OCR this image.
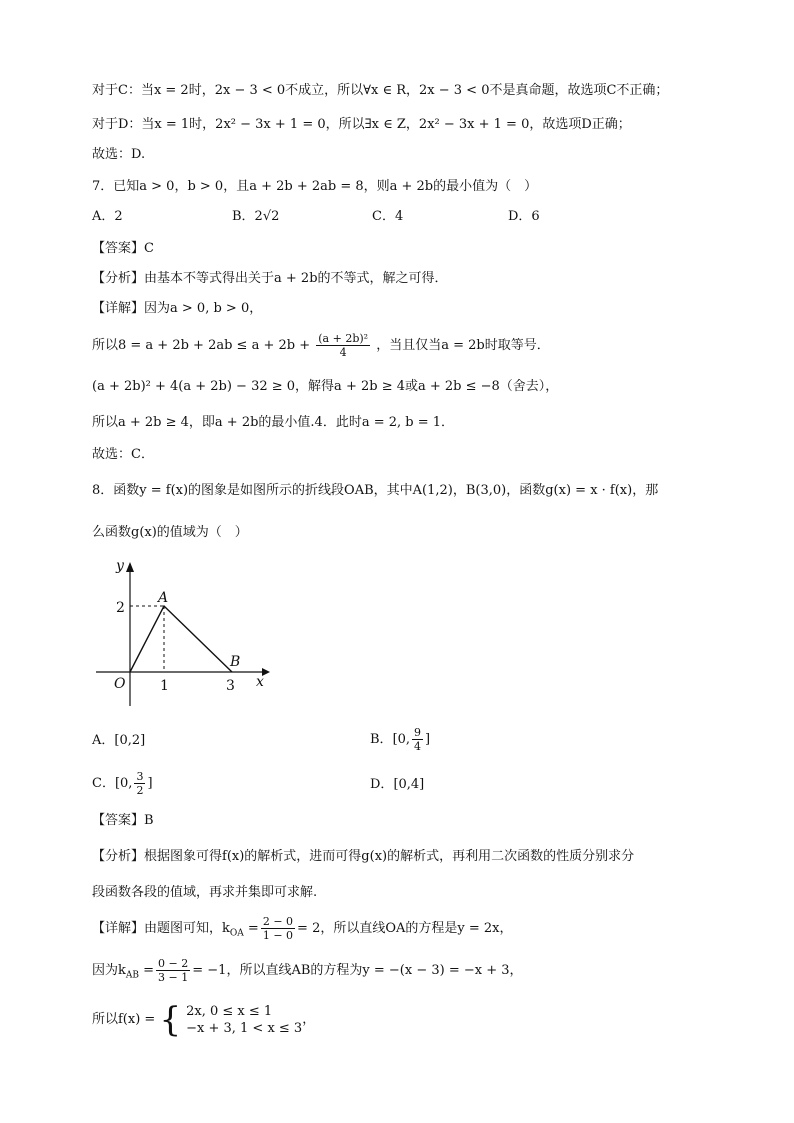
对于C：当x = 2时，2x − 3 < 0不成立，所以∀x ∈ R，2x − 3 < 0不是真命题，故选项C不正确；
对于D：当x = 1时，2x² − 3x + 1 = 0，所以∃x ∈ Z，2x² − 3x + 1 = 0，故选项D正确；
故选：D.
7．已知a > 0，b > 0，且a + 2b + 2ab = 8，则a + 2b的最小值为（　）
A．2	B．2√2	C．4	D．6
【答案】C
【分析】由基本不等式得出关于a + 2b的不等式，解之可得．
【详解】因为a > 0, b > 0，
所以$8 = a + 2b + 2ab \le a + 2b + \frac{\text{(a + 2b)²}}{4}$ ，当且仅当a = 2b时取等号．
(a + 2b)² + 4(a + 2b) − 32 ≥ 0，解得a + 2b ≥ 4或a + 2b ≤ −8（舍去），
所以a + 2b ≥ 4，即a + 2b的最小值.4．此时a = 2, b = 1．
故选：C．
8．函数y = f(x)的图象是如图所示的折线段OAB，其中A(1,2)，B(3,0)，函数g(x) = x · f(x)，那
么函数g(x)的值域为（　）
y
x
O
A
B
1	3
2
A．[0,2]	B．[0, $\frac{9}{4}$ ]
C．[0, $\frac{3}{2}$ ]	D．[0,4]
【答案】B
【分析】根据图象可得f(x)的解析式，进而可得g(x)的解析式，再利用二次函数的性质分别求分
段函数各段的值域，再求并集即可求解.
【详解】由题图可知，$k_{OA} = \frac{2 - 0}{1 - 0} = 2$，所以直线OA的方程是y = 2x，
因为$k_{AB} = \frac{0 - 2}{3 - 1} = -1$，所以直线AB的方程为y = −(x − 3) = −x + 3，
所以f(x) = { 2x, 0 ≤ x ≤ 1
−x + 3, 1 < x ≤ 3
，
